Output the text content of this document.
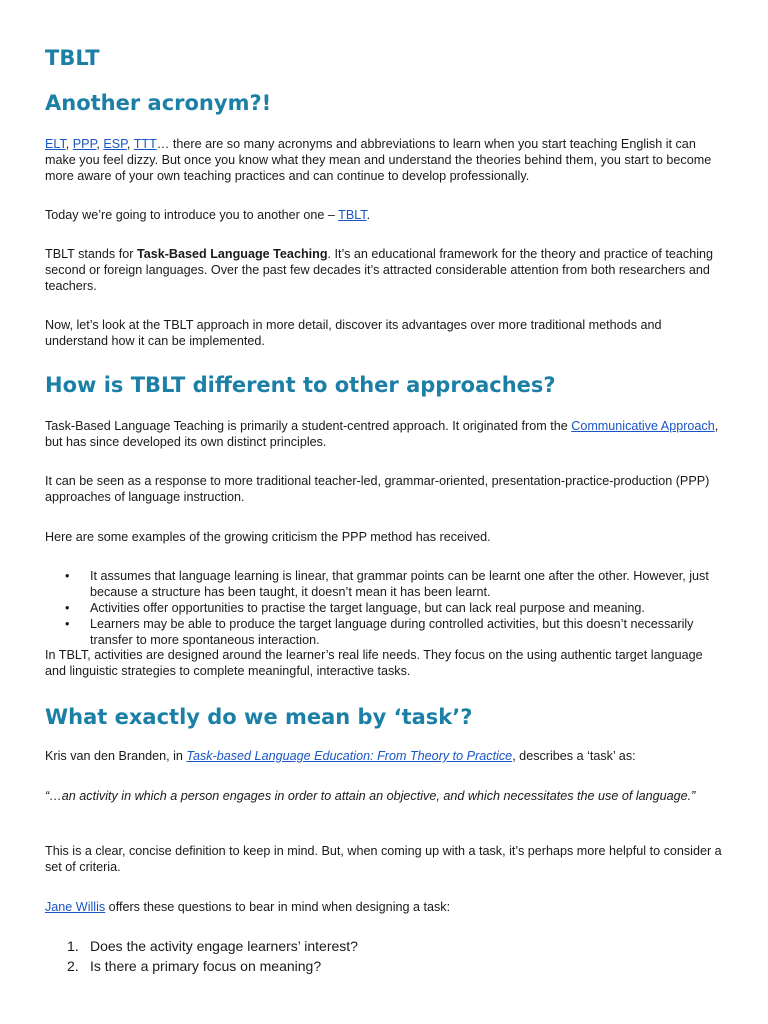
TBLT
Another acronym?!

ELT, PPP, ESP, TTT… there are so many acronyms and abbreviations to learn when you start teaching English it can make you feel dizzy. But once you know what they mean and understand the theories behind them, you start to become more aware of your own teaching practices and can continue to develop professionally.

Today we’re going to introduce you to another one – TBLT.

TBLT stands for Task-Based Language Teaching. It’s an educational framework for the theory and practice of teaching second or foreign languages. Over the past few decades it’s attracted considerable attention from both researchers and teachers.

Now, let’s look at the TBLT approach in more detail, discover its advantages over more traditional methods and understand how it can be implemented.

How is TBLT different to other approaches?

Task-Based Language Teaching is primarily a student-centred approach. It originated from the Communicative Approach, but has since developed its own distinct principles.

It can be seen as a response to more traditional teacher-led, grammar-oriented, presentation-practice-production (PPP) approaches of language instruction.

Here are some examples of the growing criticism the PPP method has received.

• It assumes that language learning is linear, that grammar points can be learnt one after the other. However, just because a structure has been taught, it doesn’t mean it has been learnt.
• Activities offer opportunities to practise the target language, but can lack real purpose and meaning.
• Learners may be able to produce the target language during controlled activities, but this doesn’t necessarily transfer to more spontaneous interaction.

In TBLT, activities are designed around the learner’s real life needs. They focus on the using authentic target language and linguistic strategies to complete meaningful, interactive tasks.

What exactly do we mean by ‘task’?

Kris van den Branden, in Task-based Language Education: From Theory to Practice, describes a ‘task’ as:

“…an activity in which a person engages in order to attain an objective, and which necessitates the use of language.”

This is a clear, concise definition to keep in mind. But, when coming up with a task, it’s perhaps more helpful to consider a set of criteria.

Jane Willis offers these questions to bear in mind when designing a task:

1. Does the activity engage learners’ interest?
2. Is there a primary focus on meaning?
